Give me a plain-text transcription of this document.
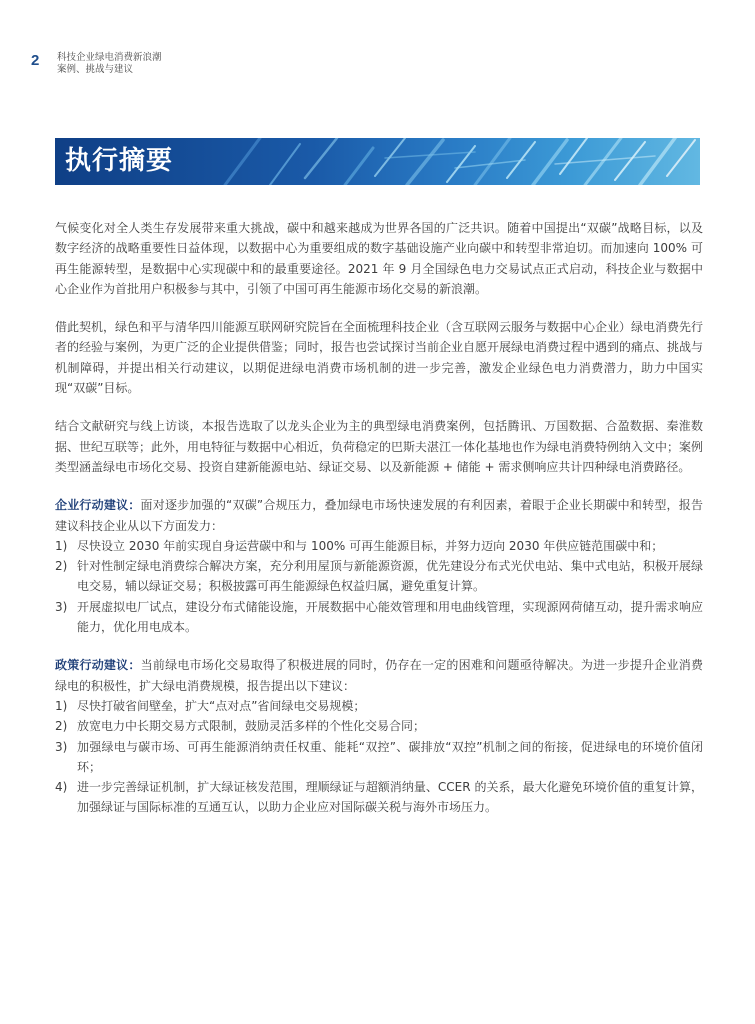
2 科技企业绿电消费新浪潮
案例、挑战与建议
执行摘要

气候变化对全人类生存发展带来重大挑战，碳中和越来越成为世界各国的广泛共识。随着中国提出“双碳”战略目标，以及数字经济的战略重要性日益体现，以数据中心为重要组成的数字基础设施产业向碳中和转型非常迫切。而加速向 100% 可再生能源转型，是数据中心实现碳中和的最重要途径。2021 年 9 月全国绿色电力交易试点正式启动，科技企业与数据中心企业作为首批用户积极参与其中，引领了中国可再生能源市场化交易的新浪潮。

借此契机，绿色和平与清华四川能源互联网研究院旨在全面梳理科技企业（含互联网云服务与数据中心企业）绿电消费先行者的经验与案例，为更广泛的企业提供借鉴；同时，报告也尝试探讨当前企业自愿开展绿电消费过程中遇到的痛点、挑战与机制障碍，并提出相关行动建议，以期促进绿电消费市场机制的进一步完善，激发企业绿色电力消费潜力，助力中国实现“双碳”目标。

结合文献研究与线上访谈，本报告选取了以龙头企业为主的典型绿电消费案例，包括腾讯、万国数据、合盈数据、秦淮数据、世纪互联等；此外，用电特征与数据中心相近，负荷稳定的巴斯夫湛江一体化基地也作为绿电消费特例纳入文中；案例类型涵盖绿电市场化交易、投资自建新能源电站、绿证交易、以及新能源 + 储能 + 需求侧响应共计四种绿电消费路径。

企业行动建议：面对逐步加强的“双碳”合规压力，叠加绿电市场快速发展的有利因素，着眼于企业长期碳中和转型，报告建议科技企业从以下方面发力：

1) 尽快设立 2030 年前实现自身运营碳中和与 100% 可再生能源目标，并努力迈向 2030 年供应链范围碳中和；
2) 针对性制定绿电消费综合解决方案，充分利用屋顶与新能源资源，优先建设分布式光伏电站、集中式电站，积极开展绿电交易，辅以绿证交易；积极披露可再生能源绿色权益归属，避免重复计算。
3) 开展虚拟电厂试点，建设分布式储能设施，开展数据中心能效管理和用电曲线管理，实现源网荷储互动，提升需求响应能力，优化用电成本。

政策行动建议：当前绿电市场化交易取得了积极进展的同时，仍存在一定的困难和问题亟待解决。为进一步提升企业消费绿电的积极性，扩大绿电消费规模，报告提出以下建议：

1) 尽快打破省间壁垒，扩大“点对点”省间绿电交易规模；
2) 放宽电力中长期交易方式限制，鼓励灵活多样的个性化交易合同；
3) 加强绿电与碳市场、可再生能源消纳责任权重、能耗“双控”、碳排放“双控”机制之间的衔接，促进绿电的环境价值闭环；
4) 进一步完善绿证机制，扩大绿证核发范围，理顺绿证与超额消纳量、CCER 的关系，最大化避免环境价值的重复计算，加强绿证与国际标准的互通互认，以助力企业应对国际碳关税与海外市场压力。
